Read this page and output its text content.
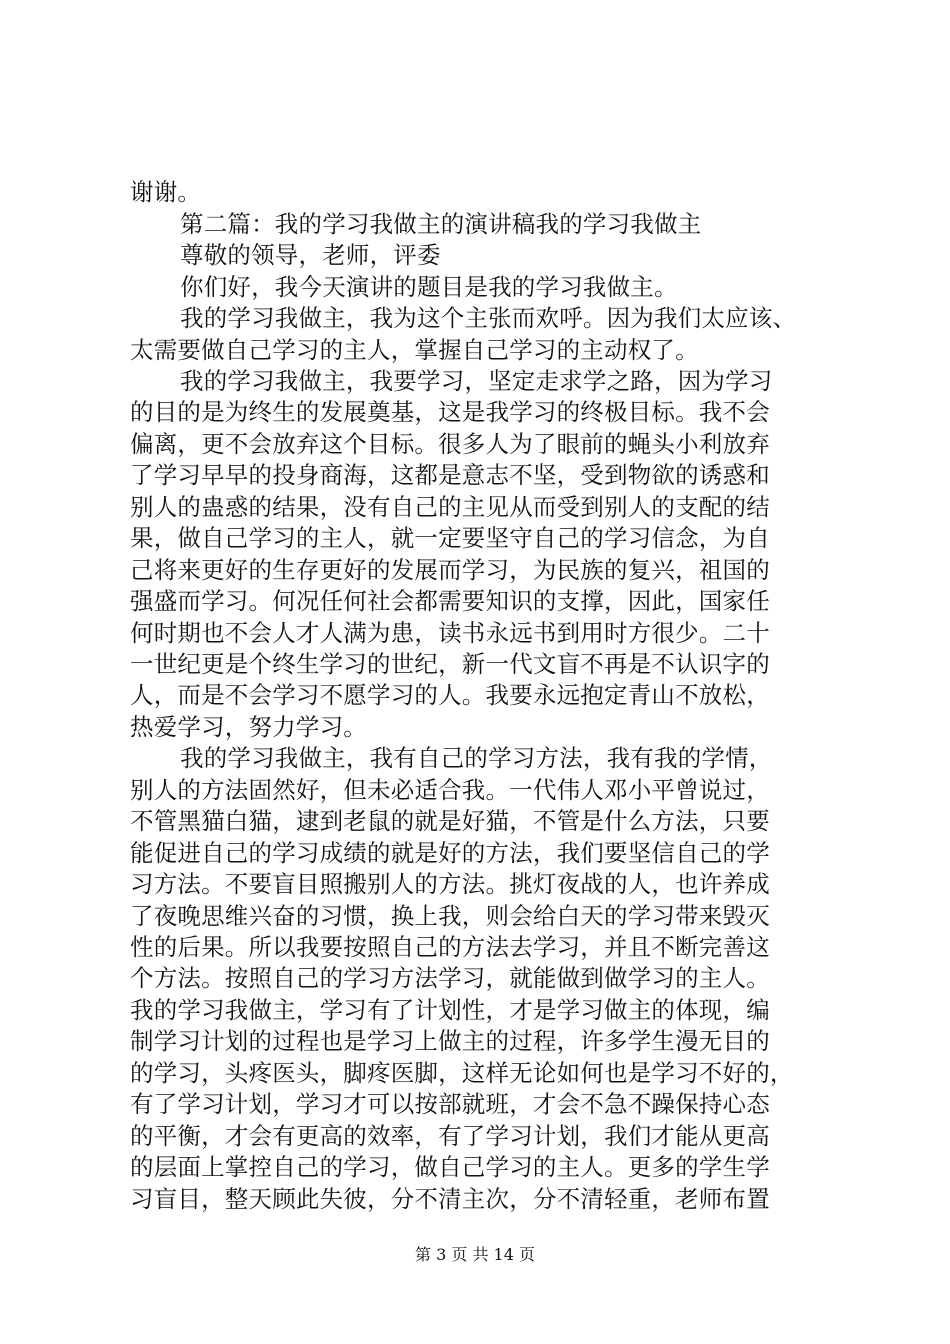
谢谢。
第二篇：我的学习我做主的演讲稿我的学习我做主
尊敬的领导，老师，评委
你们好，我今天演讲的题目是我的学习我做主。
我的学习我做主，我为这个主张而欢呼。因为我们太应该、
太需要做自己学习的主人，掌握自己学习的主动权了。
我的学习我做主，我要学习，坚定走求学之路，因为学习
的目的是为终生的发展奠基，这是我学习的终极目标。我不会
偏离，更不会放弃这个目标。很多人为了眼前的蝇头小利放弃
了学习早早的投身商海，这都是意志不坚，受到物欲的诱惑和
别人的蛊惑的结果，没有自己的主见从而受到别人的支配的结
果，做自己学习的主人，就一定要坚守自己的学习信念，为自
己将来更好的生存更好的发展而学习，为民族的复兴，祖国的
强盛而学习。何况任何社会都需要知识的支撑，因此，国家任
何时期也不会人才人满为患，读书永远书到用时方很少。二十
一世纪更是个终生学习的世纪，新一代文盲不再是不认识字的
人，而是不会学习不愿学习的人。我要永远抱定青山不放松，
热爱学习，努力学习。
我的学习我做主，我有自己的学习方法，我有我的学情，
别人的方法固然好，但未必适合我。一代伟人邓小平曾说过，
不管黑猫白猫，逮到老鼠的就是好猫，不管是什么方法，只要
能促进自己的学习成绩的就是好的方法，我们要坚信自己的学
习方法。不要盲目照搬别人的方法。挑灯夜战的人，也许养成
了夜晚思维兴奋的习惯，换上我，则会给白天的学习带来毁灭
性的后果。所以我要按照自己的方法去学习，并且不断完善这
个方法。按照自己的学习方法学习，就能做到做学习的主人。
我的学习我做主，学习有了计划性，才是学习做主的体现，编
制学习计划的过程也是学习上做主的过程，许多学生漫无目的
的学习，头疼医头，脚疼医脚，这样无论如何也是学习不好的，
有了学习计划，学习才可以按部就班，才会不急不躁保持心态
的平衡，才会有更高的效率，有了学习计划，我们才能从更高
的层面上掌控自己的学习，做自己学习的主人。更多的学生学
习盲目，整天顾此失彼，分不清主次，分不清轻重，老师布置
第 3 页 共 14 页
